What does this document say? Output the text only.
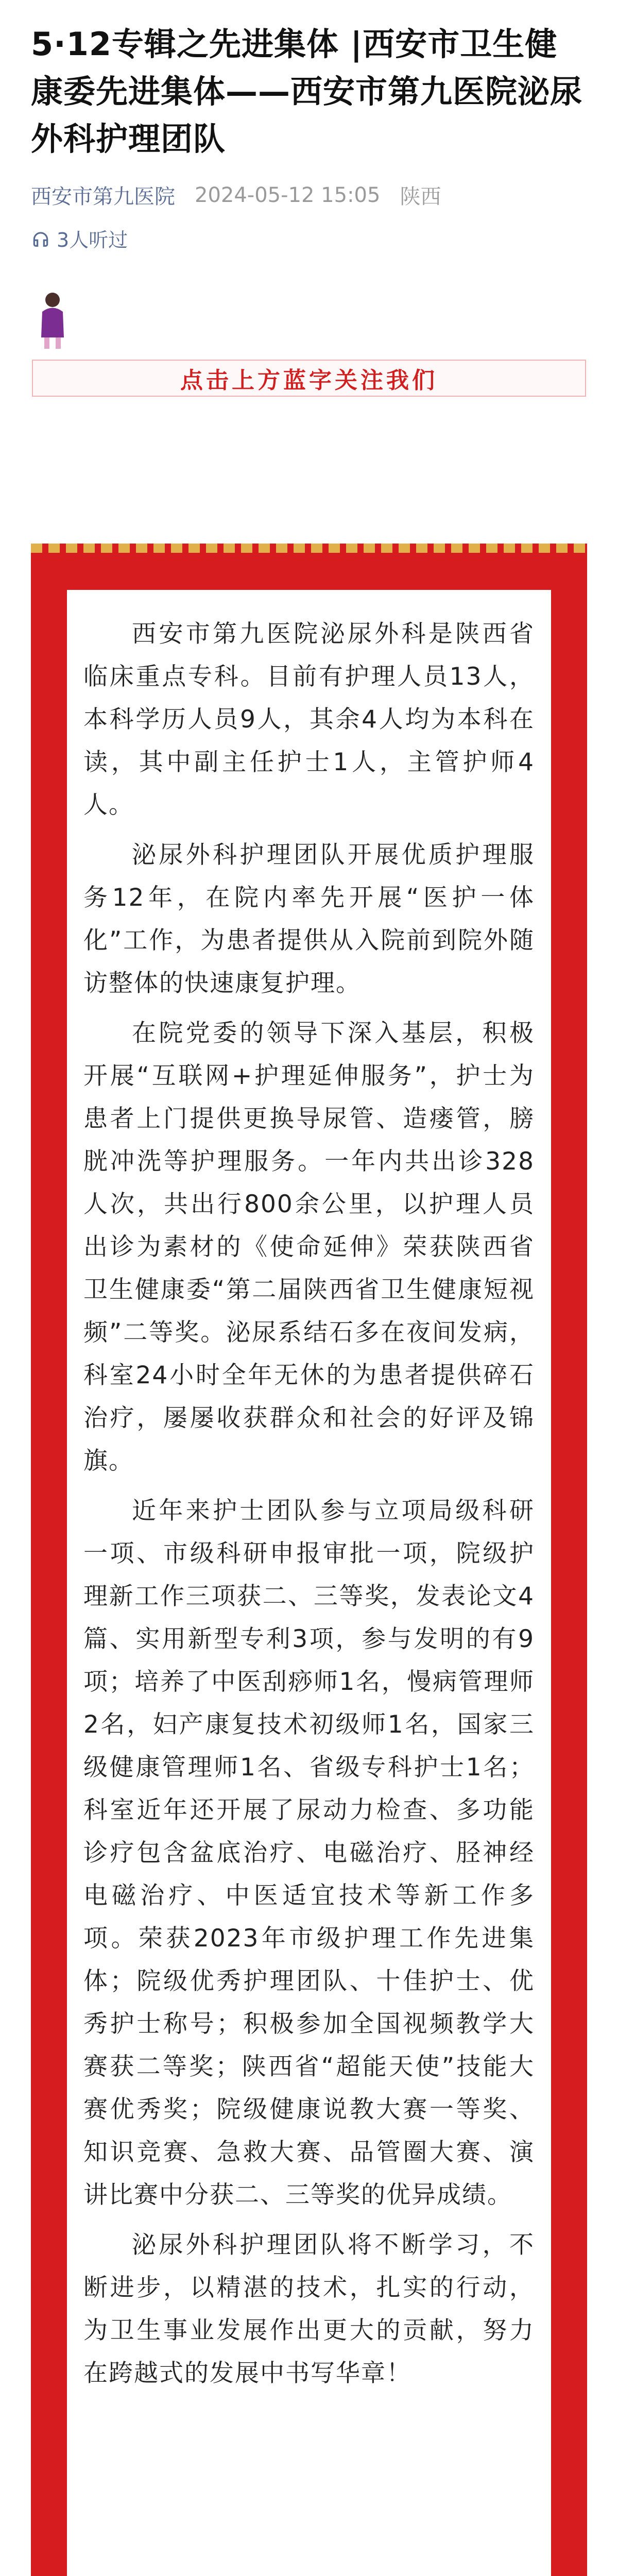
5·12专辑之先进集体 |西安市卫生健康委先进集体——西安市第九医院泌尿外科护理团队
西安市第九医院 2024-05-12 15:05 陕西
3人听过
点击上方蓝字关注我们

西安市第九医院泌尿外科是陕西省临床重点专科。目前有护理人员13人，本科学历人员9人，其余4人均为本科在读，其中副主任护士1人，主管护师4人。

泌尿外科护理团队开展优质护理服务12年，在院内率先开展“医护一体化”工作，为患者提供从入院前到院外随访整体的快速康复护理。

在院党委的领导下深入基层，积极开展“互联网+护理延伸服务”，护士为患者上门提供更换导尿管、造瘘管，膀胱冲洗等护理服务。一年内共出诊328人次，共出行800余公里，以护理人员出诊为素材的《使命延伸》荣获陕西省卫生健康委“第二届陕西省卫生健康短视频”二等奖。泌尿系结石多在夜间发病，科室24小时全年无休的为患者提供碎石治疗，屡屡收获群众和社会的好评及锦旗。

近年来护士团队参与立项局级科研一项、市级科研申报审批一项，院级护理新工作三项获二、三等奖，发表论文4篇、实用新型专利3项，参与发明的有9项；培养了中医刮痧师1名，慢病管理师2名，妇产康复技术初级师1名，国家三级健康管理师1名、省级专科护士1名；科室近年还开展了尿动力检查、多功能诊疗包含盆底治疗、电磁治疗、胫神经电磁治疗、中医适宜技术等新工作多项。荣获2023年市级护理工作先进集体；院级优秀护理团队、十佳护士、优秀护士称号；积极参加全国视频教学大赛获二等奖；陕西省“超能天使”技能大赛优秀奖；院级健康说教大赛一等奖、知识竞赛、急救大赛、品管圈大赛、演讲比赛中分获二、三等奖的优异成绩。

泌尿外科护理团队将不断学习，不断进步，以精湛的技术，扎实的行动，为卫生事业发展作出更大的贡献，努力在跨越式的发展中书写华章！
